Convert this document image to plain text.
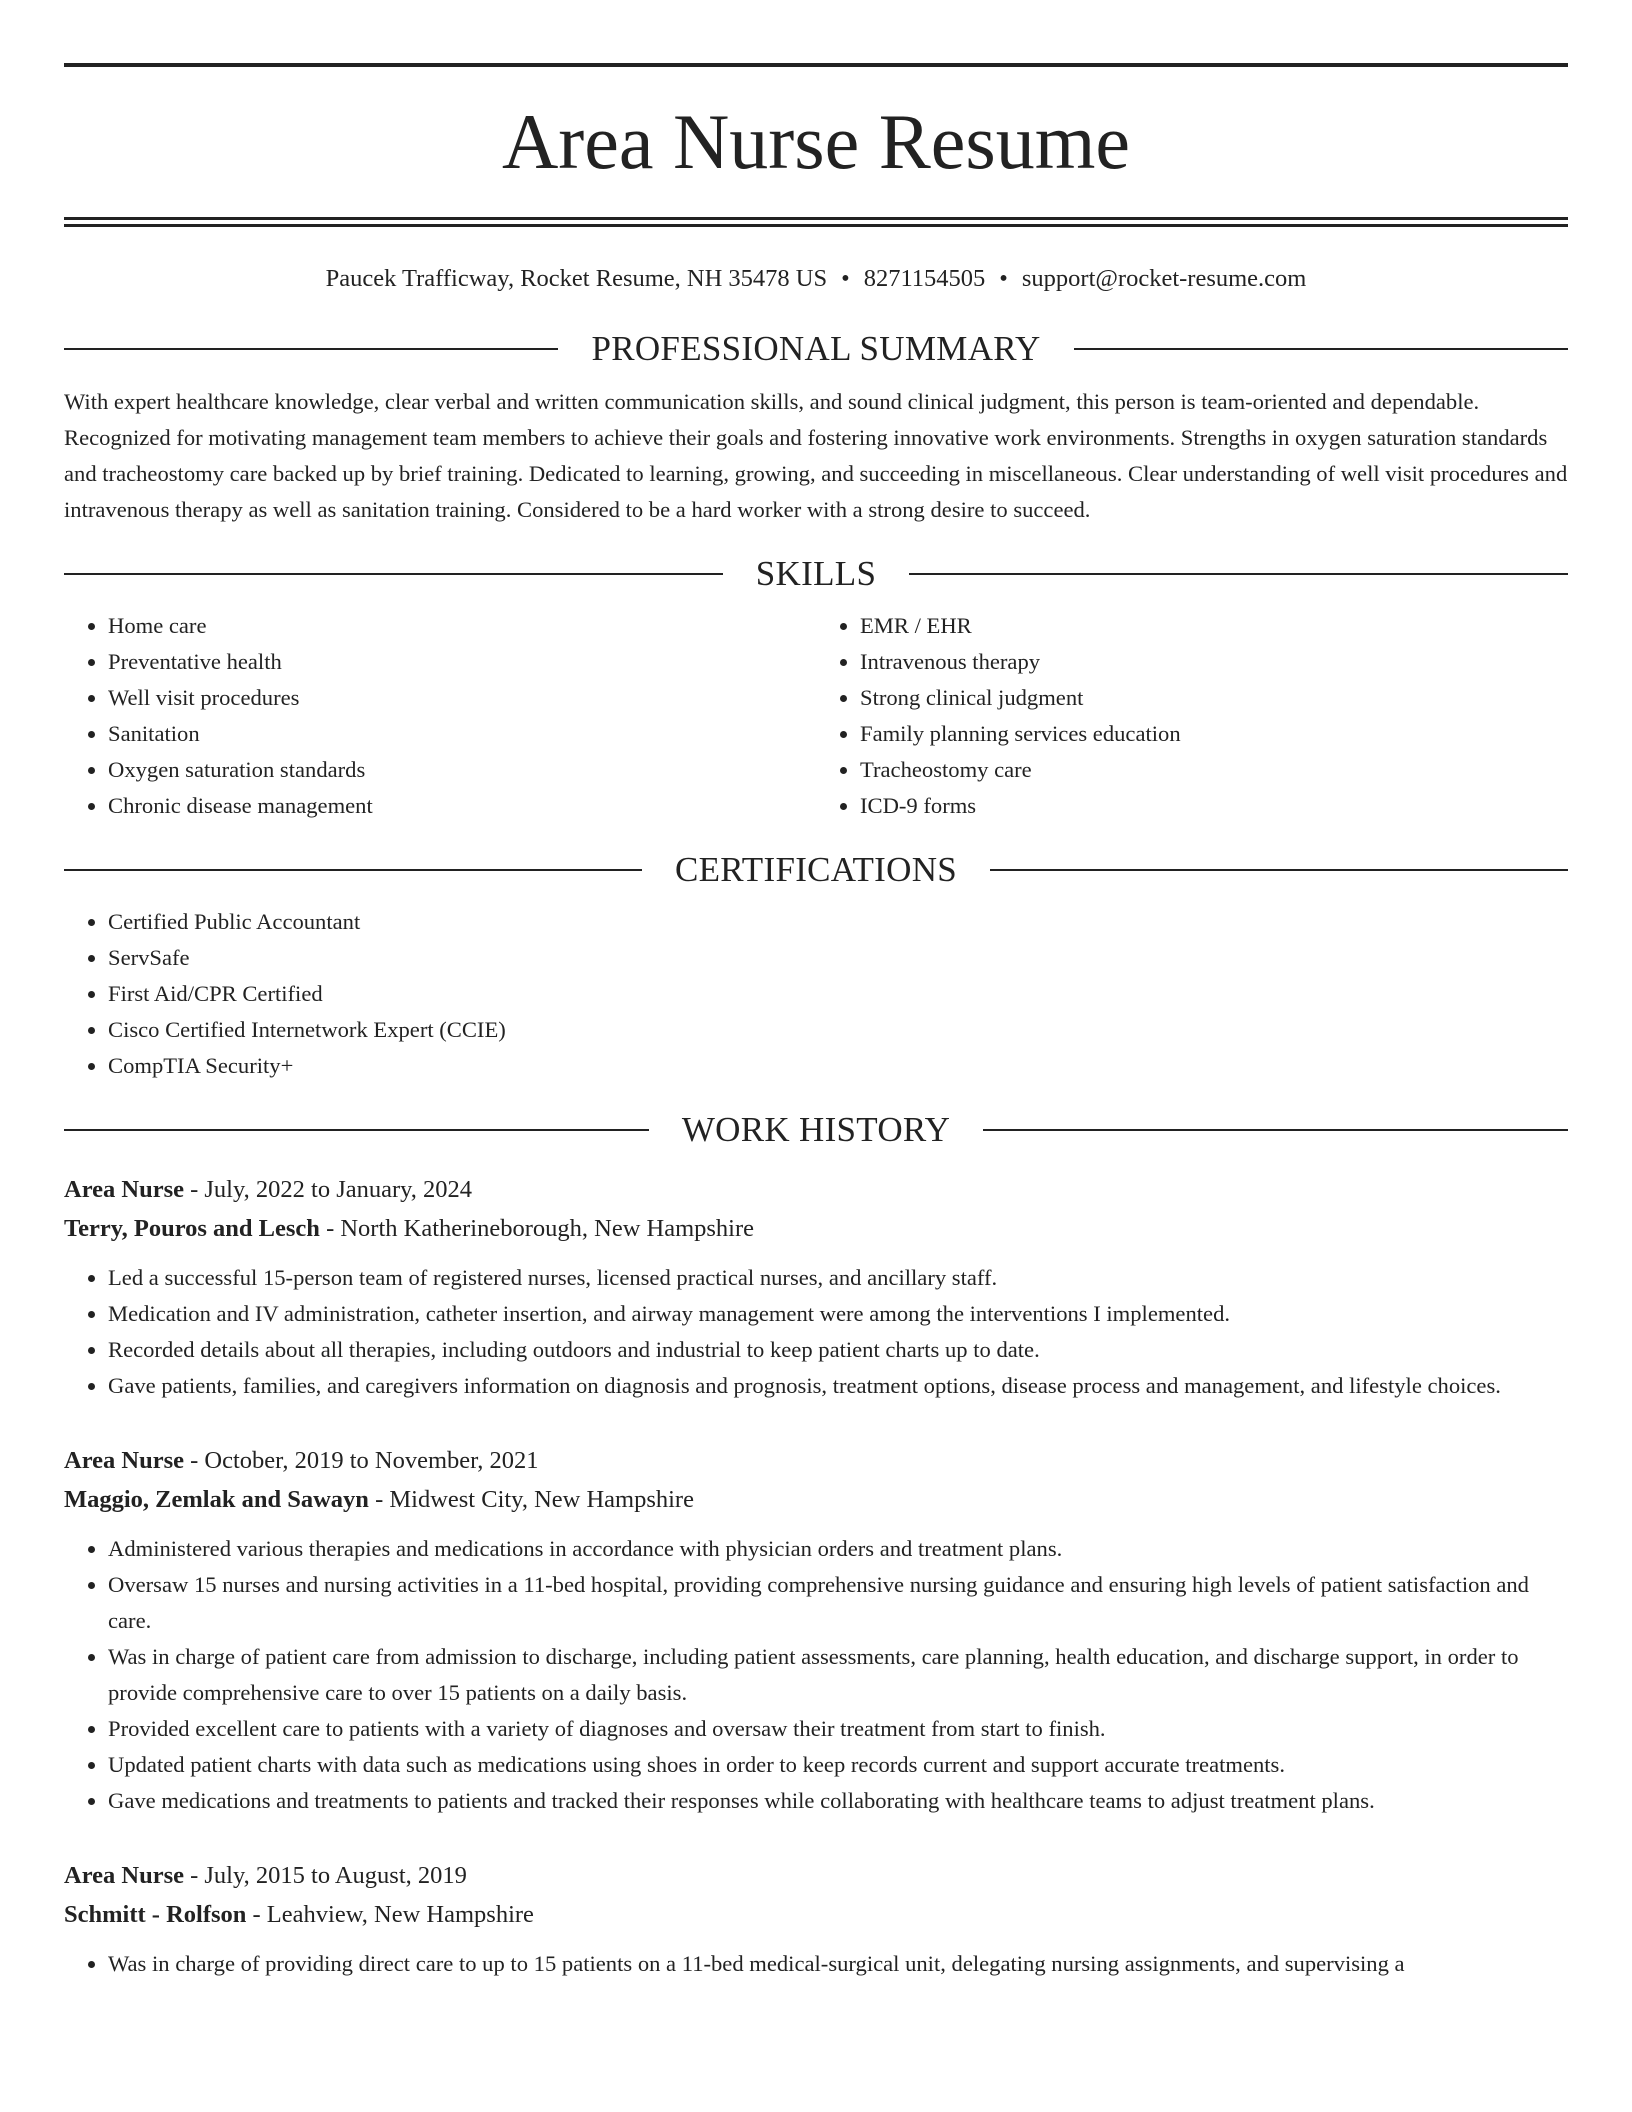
Area Nurse Resume
Paucek Trafficway, Rocket Resume, NH 35478 US • 8271154505 • support@rocket-resume.com
PROFESSIONAL SUMMARY
With expert healthcare knowledge, clear verbal and written communication skills, and sound clinical judgment, this person is team-oriented and dependable. Recognized for motivating management team members to achieve their goals and fostering innovative work environments. Strengths in oxygen saturation standards and tracheostomy care backed up by brief training. Dedicated to learning, growing, and succeeding in miscellaneous. Clear understanding of well visit procedures and intravenous therapy as well as sanitation training. Considered to be a hard worker with a strong desire to succeed.
SKILLS
• Home care
• Preventative health
• Well visit procedures
• Sanitation
• Oxygen saturation standards
• Chronic disease management
• EMR / EHR
• Intravenous therapy
• Strong clinical judgment
• Family planning services education
• Tracheostomy care
• ICD-9 forms
CERTIFICATIONS
• Certified Public Accountant
• ServSafe
• First Aid/CPR Certified
• Cisco Certified Internetwork Expert (CCIE)
• CompTIA Security+
WORK HISTORY
Area Nurse - July, 2022 to January, 2024
Terry, Pouros and Lesch - North Katherineborough, New Hampshire
• Led a successful 15-person team of registered nurses, licensed practical nurses, and ancillary staff.
• Medication and IV administration, catheter insertion, and airway management were among the interventions I implemented.
• Recorded details about all therapies, including outdoors and industrial to keep patient charts up to date.
• Gave patients, families, and caregivers information on diagnosis and prognosis, treatment options, disease process and management, and lifestyle choices.
Area Nurse - October, 2019 to November, 2021
Maggio, Zemlak and Sawayn - Midwest City, New Hampshire
• Administered various therapies and medications in accordance with physician orders and treatment plans.
• Oversaw 15 nurses and nursing activities in a 11-bed hospital, providing comprehensive nursing guidance and ensuring high levels of patient satisfaction and care.
• Was in charge of patient care from admission to discharge, including patient assessments, care planning, health education, and discharge support, in order to provide comprehensive care to over 15 patients on a daily basis.
• Provided excellent care to patients with a variety of diagnoses and oversaw their treatment from start to finish.
• Updated patient charts with data such as medications using shoes in order to keep records current and support accurate treatments.
• Gave medications and treatments to patients and tracked their responses while collaborating with healthcare teams to adjust treatment plans.
Area Nurse - July, 2015 to August, 2019
Schmitt - Rolfson - Leahview, New Hampshire
• Was in charge of providing direct care to up to 15 patients on a 11-bed medical-surgical unit, delegating nursing assignments, and supervising a
